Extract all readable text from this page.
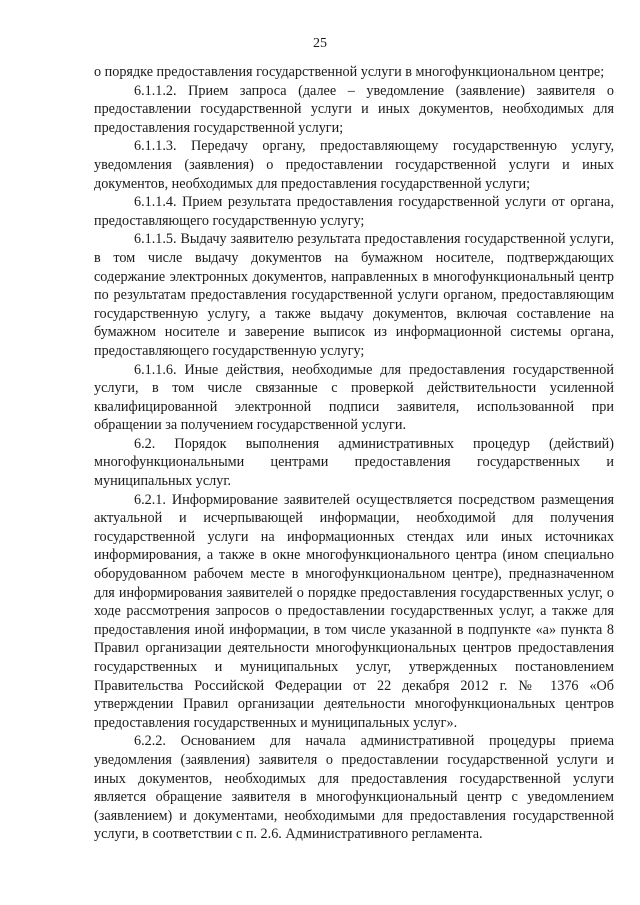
25

о порядке предоставления государственной услуги в многофункциональном центре;

6.1.1.2. Прием запроса (далее – уведомление (заявление) заявителя о предоставлении государственной услуги и иных документов, необходимых для предоставления государственной услуги;

6.1.1.3. Передачу органу, предоставляющему государственную услугу, уведомления (заявления) о предоставлении государственной услуги и иных документов, необходимых для предоставления государственной услуги;

6.1.1.4. Прием результата предоставления государственной услуги от органа, предоставляющего государственную услугу;

6.1.1.5. Выдачу заявителю результата предоставления государственной услуги, в том числе выдачу документов на бумажном носителе, подтверждающих содержание электронных документов, направленных в многофункциональный центр по результатам предоставления государственной услуги органом, предоставляющим государственную услугу, а также выдачу документов, включая составление на бумажном носителе и заверение выписок из информационной системы органа, предоставляющего государственную услугу;

6.1.1.6. Иные действия, необходимые для предоставления государственной услуги, в том числе связанные с проверкой действительности усиленной квалифицированной электронной подписи заявителя, использованной при обращении за получением государственной услуги.

6.2. Порядок выполнения административных процедур (действий) многофункциональными центрами предоставления государственных и муниципальных услуг.

6.2.1. Информирование заявителей осуществляется посредством размещения актуальной и исчерпывающей информации, необходимой для получения государственной услуги на информационных стендах или иных источниках информирования, а также в окне многофункционального центра (ином специально оборудованном рабочем месте в многофункциональном центре), предназначенном для информирования заявителей о порядке предоставления государственных услуг, о ходе рассмотрения запросов о предоставлении государственных услуг, а также для предоставления иной информации, в том числе указанной в подпункте «а» пункта 8 Правил организации деятельности многофункциональных центров предоставления государственных и муниципальных услуг, утвержденных постановлением Правительства Российской Федерации от 22 декабря 2012 г. № 1376 «Об утверждении Правил организации деятельности многофункциональных центров предоставления государственных и муниципальных услуг».

6.2.2. Основанием для начала административной процедуры приема уведомления (заявления) заявителя о предоставлении государственной услуги и иных документов, необходимых для предоставления государственной услуги является обращение заявителя в многофункциональный центр с уведомлением (заявлением) и документами, необходимыми для предоставления государственной услуги, в соответствии с п. 2.6. Административного регламента.
